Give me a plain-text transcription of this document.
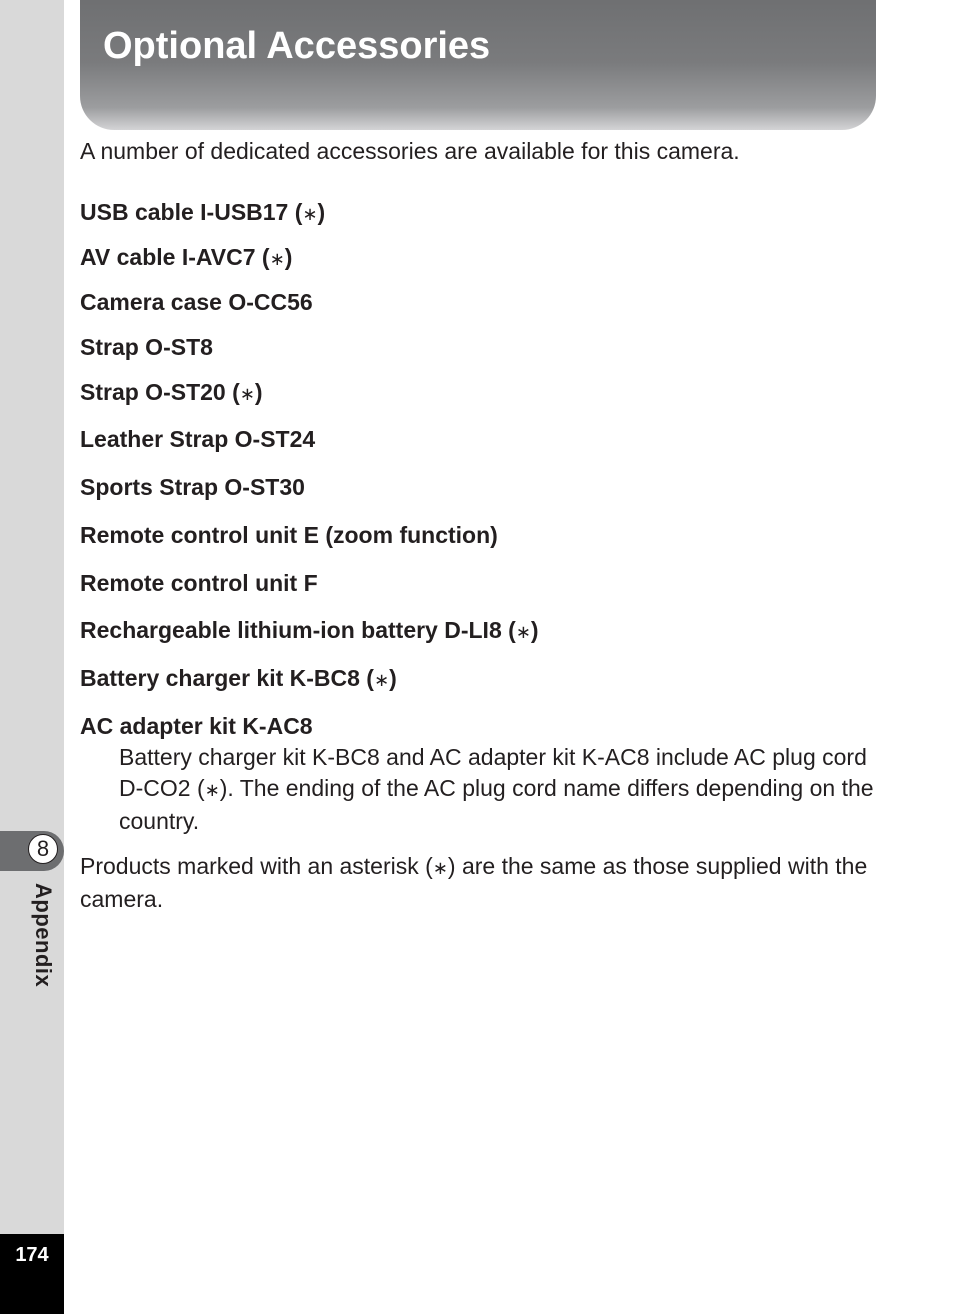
8
Appendix
174
Optional Accessories

A number of dedicated accessories are available for this camera.

USB cable I-USB17 (∗)
AV cable I-AVC7 (∗)
Camera case O-CC56
Strap O-ST8
Strap O-ST20 (∗)
Leather Strap O-ST24
Sports Strap O-ST30
Remote control unit E (zoom function)
Remote control unit F
Rechargeable lithium-ion battery D-LI8 (∗)
Battery charger kit K-BC8 (∗)
AC adapter kit K-AC8

Battery charger kit K-BC8 and AC adapter kit K-AC8 include AC plug cord D-CO2 (∗). The ending of the AC plug cord name differs depending on the country.

Products marked with an asterisk (∗) are the same as those supplied with the camera.
